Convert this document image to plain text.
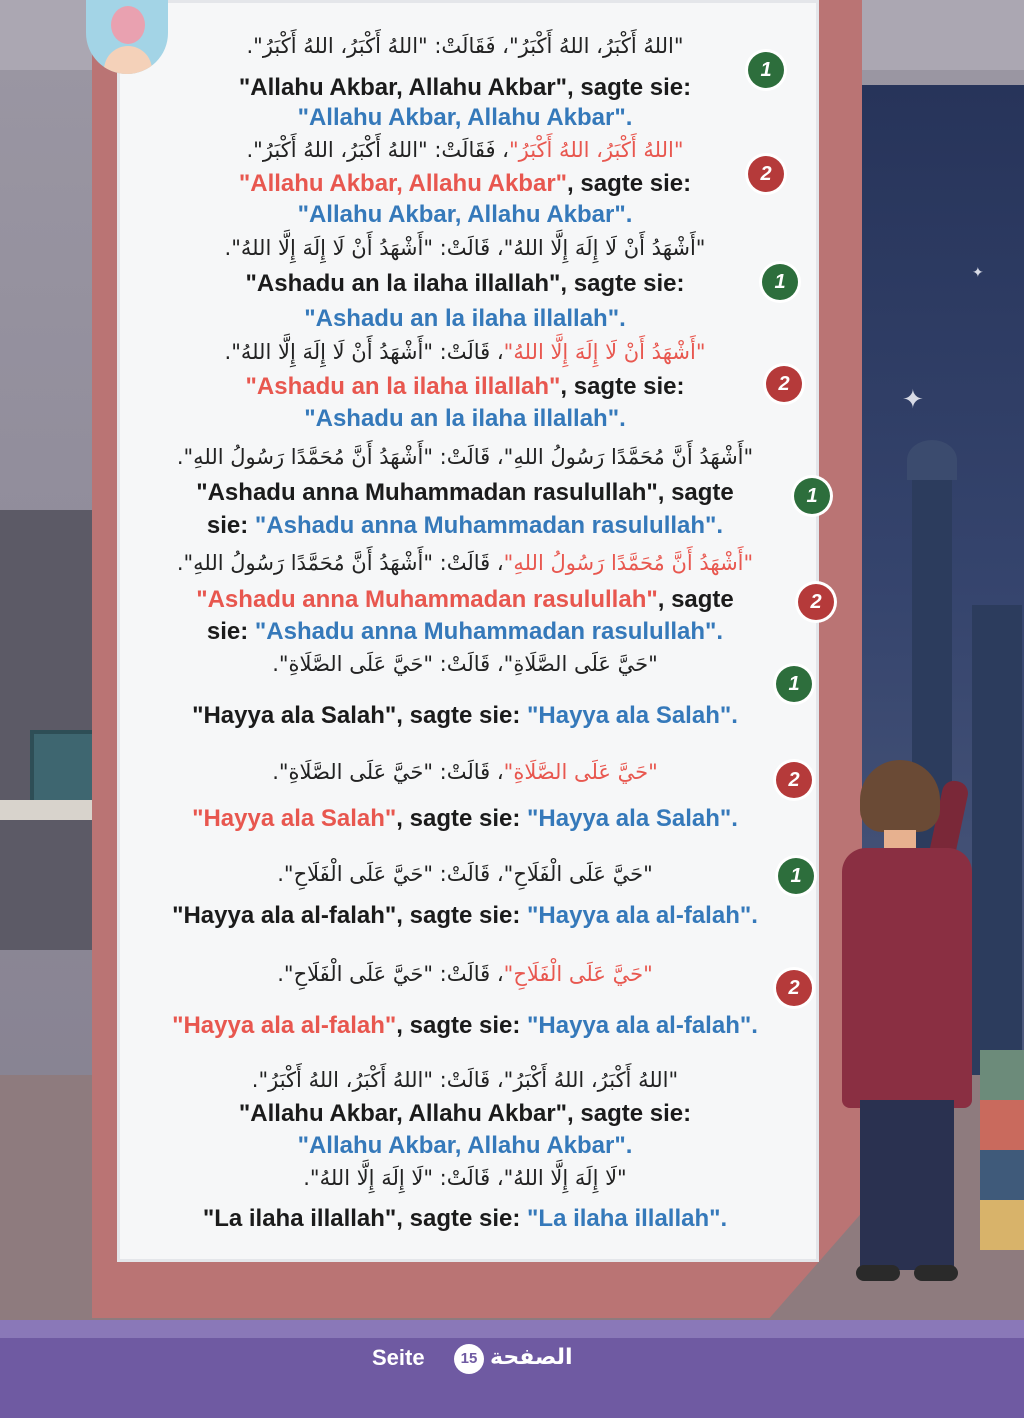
✦
✦
"اللهُ أَكْبَرُ، اللهُ أَكْبَرُ"، فَقَالَتْ: "اللهُ أَكْبَرُ، اللهُ أَكْبَرُ".
1
"Allahu Akbar, Allahu Akbar", sagte sie:
"Allahu Akbar, Allahu Akbar".
"اللهُ أَكْبَرُ، اللهُ أَكْبَرُ"، فَقَالَتْ: "اللهُ أَكْبَرُ، اللهُ أَكْبَرُ".
2
"Allahu Akbar, Allahu Akbar", sagte sie:
"Allahu Akbar, Allahu Akbar".
"أَشْهَدُ أَنْ لَا إِلَهَ إِلَّا اللهُ"، قَالَتْ: "أَشْهَدُ أَنْ لَا إِلَهَ إِلَّا اللهُ".
1
"Ashadu an la ilaha illallah", sagte sie:
"Ashadu an la ilaha illallah".
"أَشْهَدُ أَنْ لَا إِلَهَ إِلَّا اللهُ"، قَالَتْ: "أَشْهَدُ أَنْ لَا إِلَهَ إِلَّا اللهُ".
2
"Ashadu an la ilaha illallah", sagte sie:
"Ashadu an la ilaha illallah".
"أَشْهَدُ أَنَّ مُحَمَّدًا رَسُولُ اللهِ"، قَالَتْ: "أَشْهَدُ أَنَّ مُحَمَّدًا رَسُولُ اللهِ".
1
"Ashadu anna Muhammadan rasulullah", sagte
sie: "Ashadu anna Muhammadan rasulullah".
"أَشْهَدُ أَنَّ مُحَمَّدًا رَسُولُ اللهِ"، قَالَتْ: "أَشْهَدُ أَنَّ مُحَمَّدًا رَسُولُ اللهِ".
2
"Ashadu anna Muhammadan rasulullah", sagte
sie: "Ashadu anna Muhammadan rasulullah".
"حَيَّ عَلَى الصَّلَاةِ"، قَالَتْ: "حَيَّ عَلَى الصَّلَاةِ".
1
"Hayya ala Salah", sagte sie: "Hayya ala Salah".
"حَيَّ عَلَى الصَّلَاةِ"، قَالَتْ: "حَيَّ عَلَى الصَّلَاةِ".	2
"Hayya ala Salah", sagte sie: "Hayya ala Salah".
"حَيَّ عَلَى الْفَلَاحِ"، قَالَتْ: "حَيَّ عَلَى الْفَلَاحِ".	1
"Hayya ala al-falah", sagte sie: "Hayya ala al-falah".
"حَيَّ عَلَى الْفَلَاحِ"، قَالَتْ: "حَيَّ عَلَى الْفَلَاحِ".
2
"Hayya ala al-falah", sagte sie: "Hayya ala al-falah".
"اللهُ أَكْبَرُ، اللهُ أَكْبَرُ"، قَالَتْ: "اللهُ أَكْبَرُ، اللهُ أَكْبَرُ".
"Allahu Akbar, Allahu Akbar", sagte sie:
"Allahu Akbar, Allahu Akbar".
"لَا إِلَهَ إِلَّا اللهُ"، قَالَتْ: "لَا إِلَهَ إِلَّا اللهُ".
"La ilaha illallah", sagte sie: "La ilaha illallah".
Seite	15 الصفحة
